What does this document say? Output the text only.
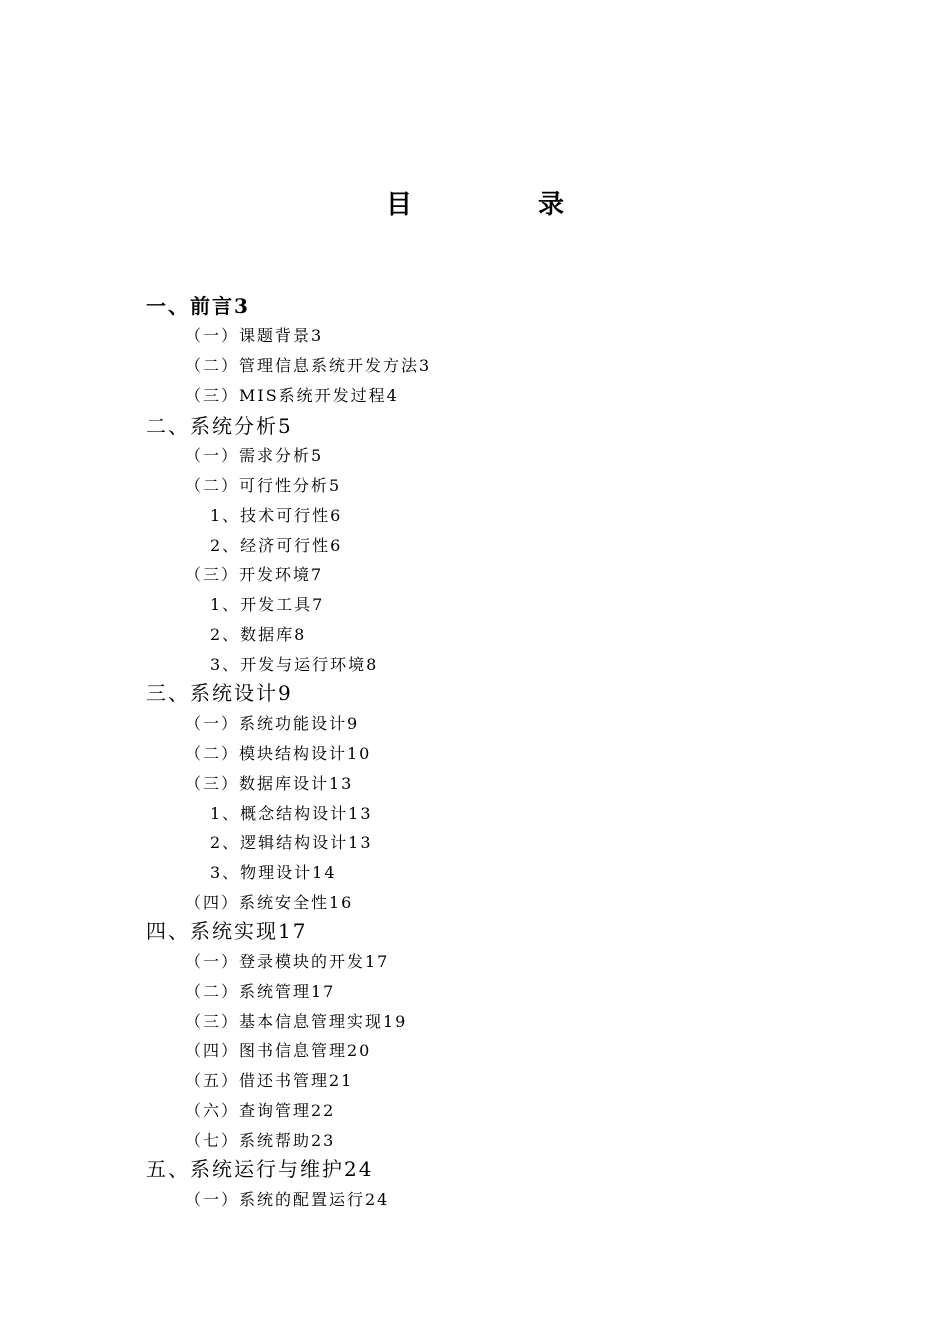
目　录
一、前言3
（一）课题背景3
（二）管理信息系统开发方法3
（三）MIS系统开发过程4
二、系统分析5
（一）需求分析5
（二）可行性分析5
1、技术可行性6
2、经济可行性6
（三）开发环境7
1、开发工具7
2、数据库8
3、开发与运行环境8
三、系统设计9
（一）系统功能设计9
（二）模块结构设计10
（三）数据库设计13
1、概念结构设计13
2、逻辑结构设计13
3、物理设计14
（四）系统安全性16
四、系统实现17
（一）登录模块的开发17
（二）系统管理17
（三）基本信息管理实现19
（四）图书信息管理20
（五）借还书管理21
（六）查询管理22
（七）系统帮助23
五、系统运行与维护24
（一）系统的配置运行24
